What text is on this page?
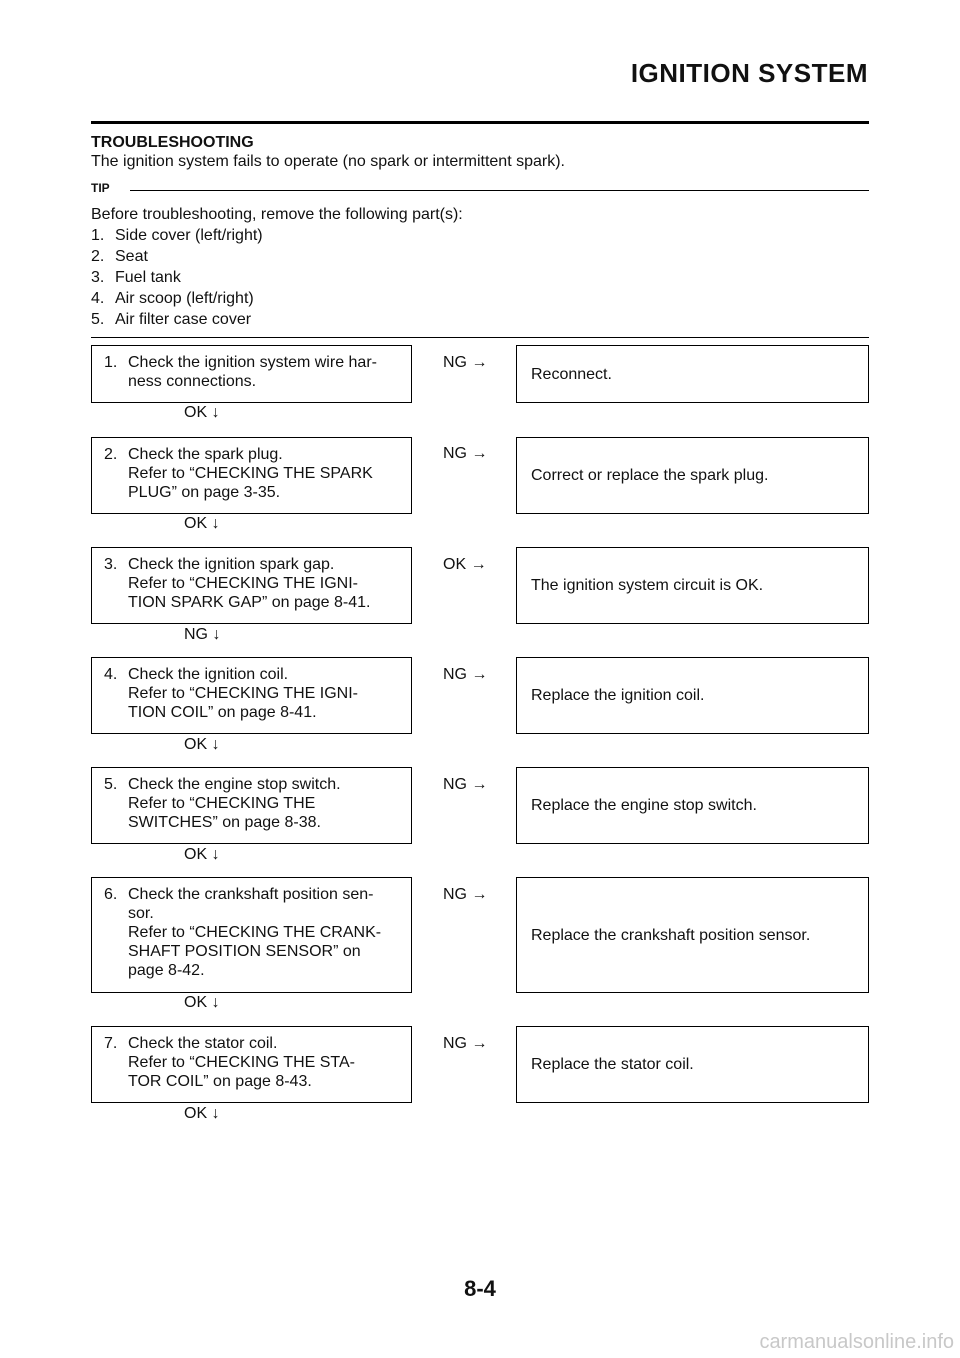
IGNITION SYSTEM
TROUBLESHOOTING
The ignition system fails to operate (no spark or intermittent spark).
TIP
Before troubleshooting, remove the following part(s):
1. Side cover (left/right)
2. Seat
3. Fuel tank
4. Air scoop (left/right)
5. Air filter case cover
1. Check the ignition system wire har-
ness connections.
NG →
Reconnect.
OK ↓
2. Check the spark plug.
Refer to “CHECKING THE SPARK
PLUG” on page 3-35.
NG →
Correct or replace the spark plug.
OK ↓
3. Check the ignition spark gap.
Refer to “CHECKING THE IGNI-
TION SPARK GAP” on page 8-41.
OK →
The ignition system circuit is OK.
NG ↓
4. Check the ignition coil.
Refer to “CHECKING THE IGNI-
TION COIL” on page 8-41.
NG →
Replace the ignition coil.
OK ↓
5. Check the engine stop switch.
Refer to “CHECKING THE
SWITCHES” on page 8-38.
NG →
Replace the engine stop switch.
OK ↓
6. Check the crankshaft position sen-
sor.
Refer to “CHECKING THE CRANK-
SHAFT POSITION SENSOR” on
page 8-42.
NG →
Replace the crankshaft position sensor.
OK ↓
7. Check the stator coil.
Refer to “CHECKING THE STA-
TOR COIL” on page 8-43.
NG →
Replace the stator coil.
OK ↓
8-4
carmanualsonline.info
